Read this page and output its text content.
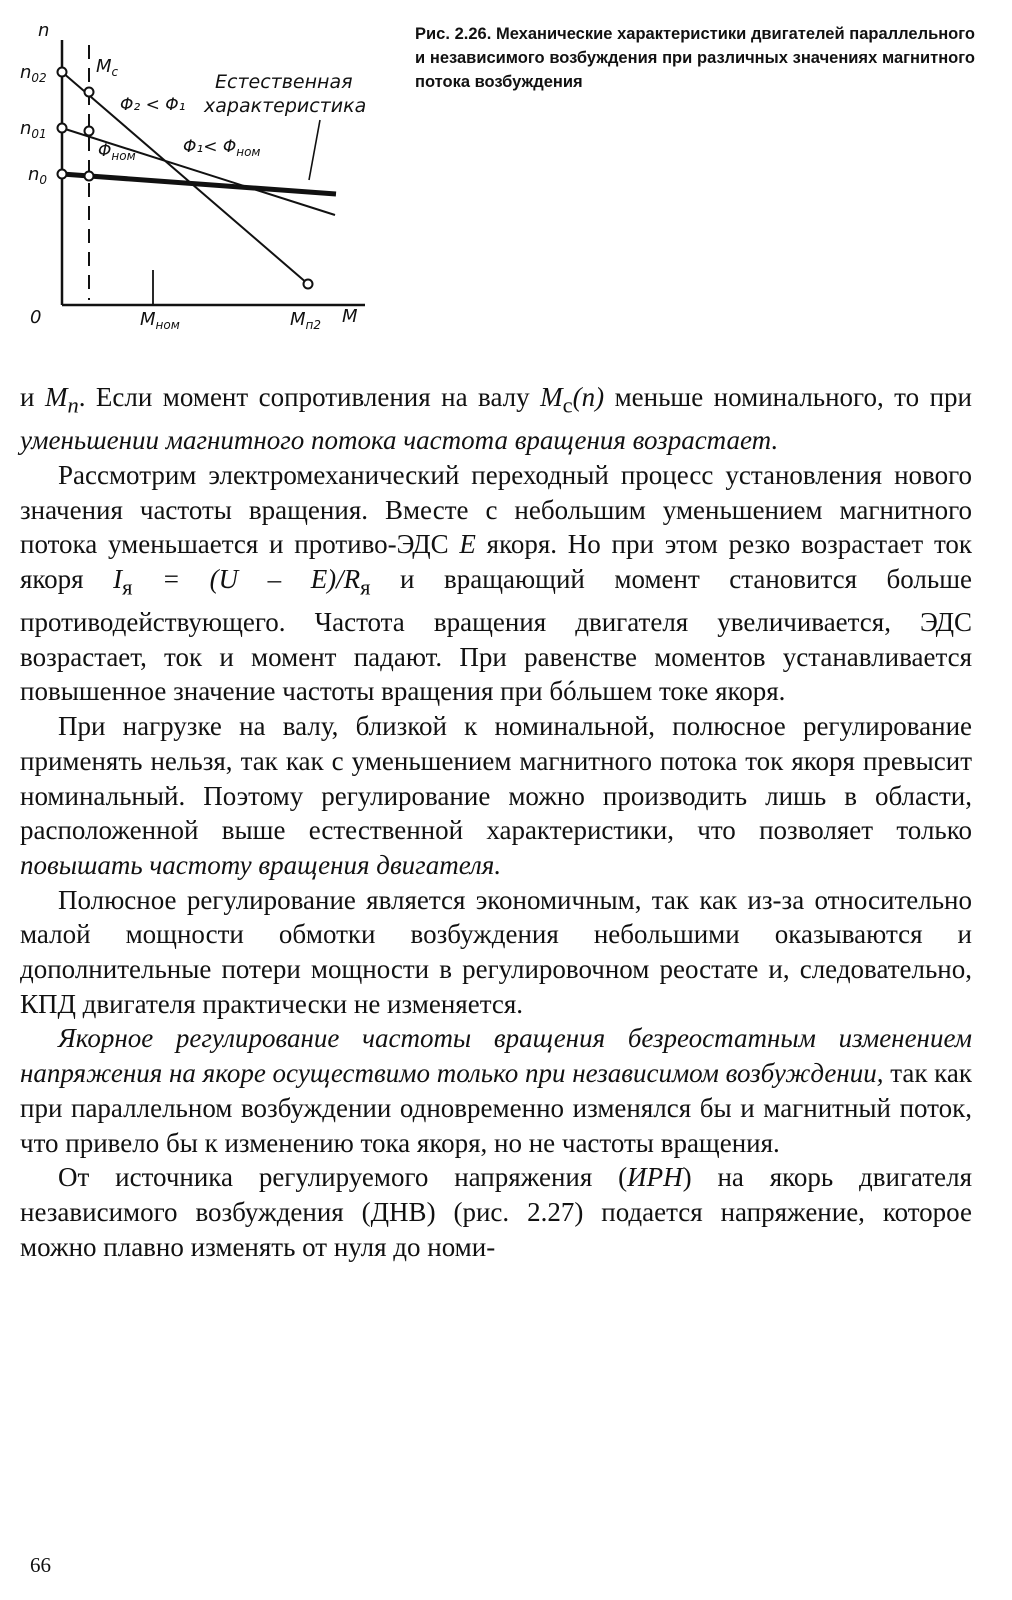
n
$n_{02}$
$n_{01}$
$n_0$
0
$M_c$
$M_{ном}$	$M_{п2}$ M
Φ₂ < Φ₁
$\Phi_{ном}$	$\Phi_1< \Phi_{ном}$
Естественная
характеристика
Рис. 2.26. Механические характеристики двигателей параллельного и независимого возбуждения при различных значениях магнитного потока возбуждения

и $M_п$. Если момент сопротивления на валу $M_с(n)$ меньше номинального, то при уменьшении магнитного потока частота вращения возрастает.

Рассмотрим электромеханический переходный процесс установления нового значения частоты вращения. Вместе с небольшим уменьшением магнитного потока уменьшается и противо-ЭДС E якоря. Но при этом резко возрастает ток якоря $I_я = (U - E)/R_я$ и вращающий момент становится больше противодействующего. Частота вращения двигателя увеличивается, ЭДС возрастает, ток и момент падают. При равенстве моментов устанавливается повышенное значение частоты вращения при бóльшем токе якоря.

При нагрузке на валу, близкой к номинальной, полюсное регулирование применять нельзя, так как с уменьшением магнитного потока ток якоря превысит номинальный. Поэтому регулирование можно производить лишь в области, расположенной выше естественной характеристики, что позволяет только повышать частоту вращения двигателя.

Полюсное регулирование является экономичным, так как из-за относительно малой мощности обмотки возбуждения небольшими оказываются и дополнительные потери мощности в регулировочном реостате и, следовательно, КПД двигателя практически не изменяется.

Якорное регулирование частоты вращения безреостатным изменением напряжения на якоре осуществимо только при независимом возбуждении, так как при параллельном возбуждении одновременно изменялся бы и магнитный поток, что привело бы к изменению тока якоря, но не частоты вращения.

От источника регулируемого напряжения (ИРН) на якорь двигателя независимого возбуждения (ДНВ) (рис. 2.27) подается напряжение, которое можно плавно изменять от нуля до номи-

66
